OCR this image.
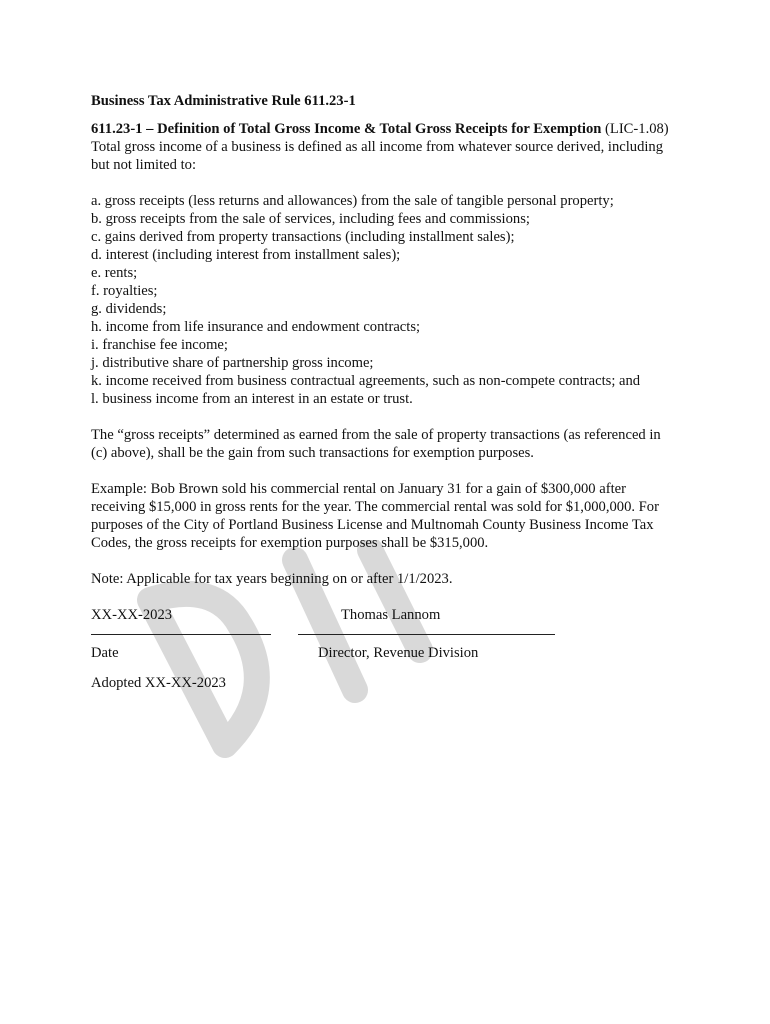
Business Tax Administrative Rule 611.23-1

611.23-1 – Definition of Total Gross Income & Total Gross Receipts for Exemption (LIC-1.08)

Total gross income of a business is defined as all income from whatever source derived, including but not limited to:

a. gross receipts (less returns and allowances) from the sale of tangible personal property;
b. gross receipts from the sale of services, including fees and commissions;
c. gains derived from property transactions (including installment sales);
d. interest (including interest from installment sales);
e. rents;
f. royalties;
g. dividends;
h. income from life insurance and endowment contracts;
i. franchise fee income;
j. distributive share of partnership gross income;
k. income received from business contractual agreements, such as non-compete contracts; and
l. business income from an interest in an estate or trust.

The “gross receipts” determined as earned from the sale of property transactions (as referenced in (c) above), shall be the gain from such transactions for exemption purposes.

Example: Bob Brown sold his commercial rental on January 31 for a gain of $300,000 after receiving $15,000 in gross rents for the year. The commercial rental was sold for $1,000,000. For purposes of the City of Portland Business License and Multnomah County Business Income Tax Codes, the gross receipts for exemption purposes shall be $315,000.

Note: Applicable for tax years beginning on or after 1/1/2023.

XX-XX-2023	Thomas Lannom
Date	Director, Revenue Division

Adopted XX-XX-2023
